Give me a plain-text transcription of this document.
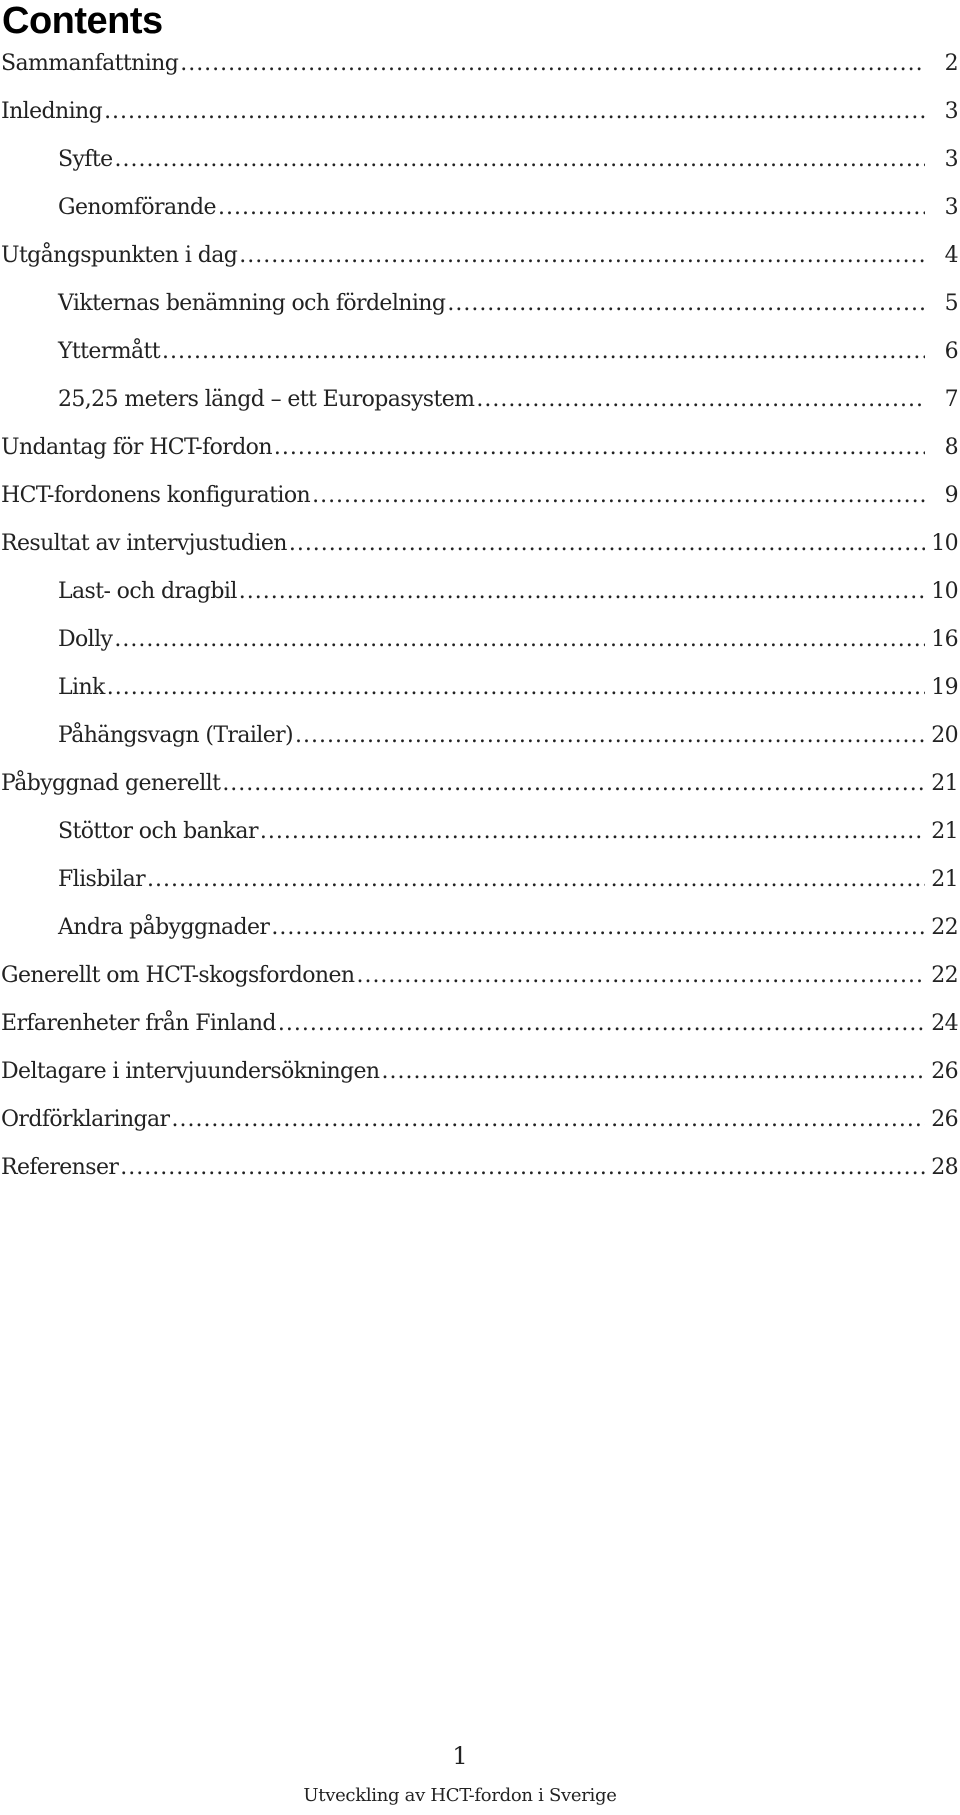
Contents
Sammanfattning .....	2
Inledning .....	3
Syfte .....	3
Genomförande .....	3
Utgångspunkten i dag .....	4
Vikternas benämning och fördelning .....	5
Yttermått .....	6
25,25 meters längd – ett Europasystem .....	7
Undantag för HCT-fordon .....	8
HCT-fordonens konfiguration .....	9
Resultat av intervjustudien .....	10
Last- och dragbil .....	10
Dolly .....	16
Link .....	19
Påhängsvagn (Trailer) .....	20
Påbyggnad generellt .....	21
Stöttor och bankar .....	21
Flisbilar .....	21
Andra påbyggnader .....	22
Generellt om HCT-skogsfordonen .....	22
Erfarenheter från Finland .....	24
Deltagare i intervjuundersökningen .....	26
Ordförklaringar .....	26
Referenser .....	28
1
Utveckling av HCT-fordon i Sverige
